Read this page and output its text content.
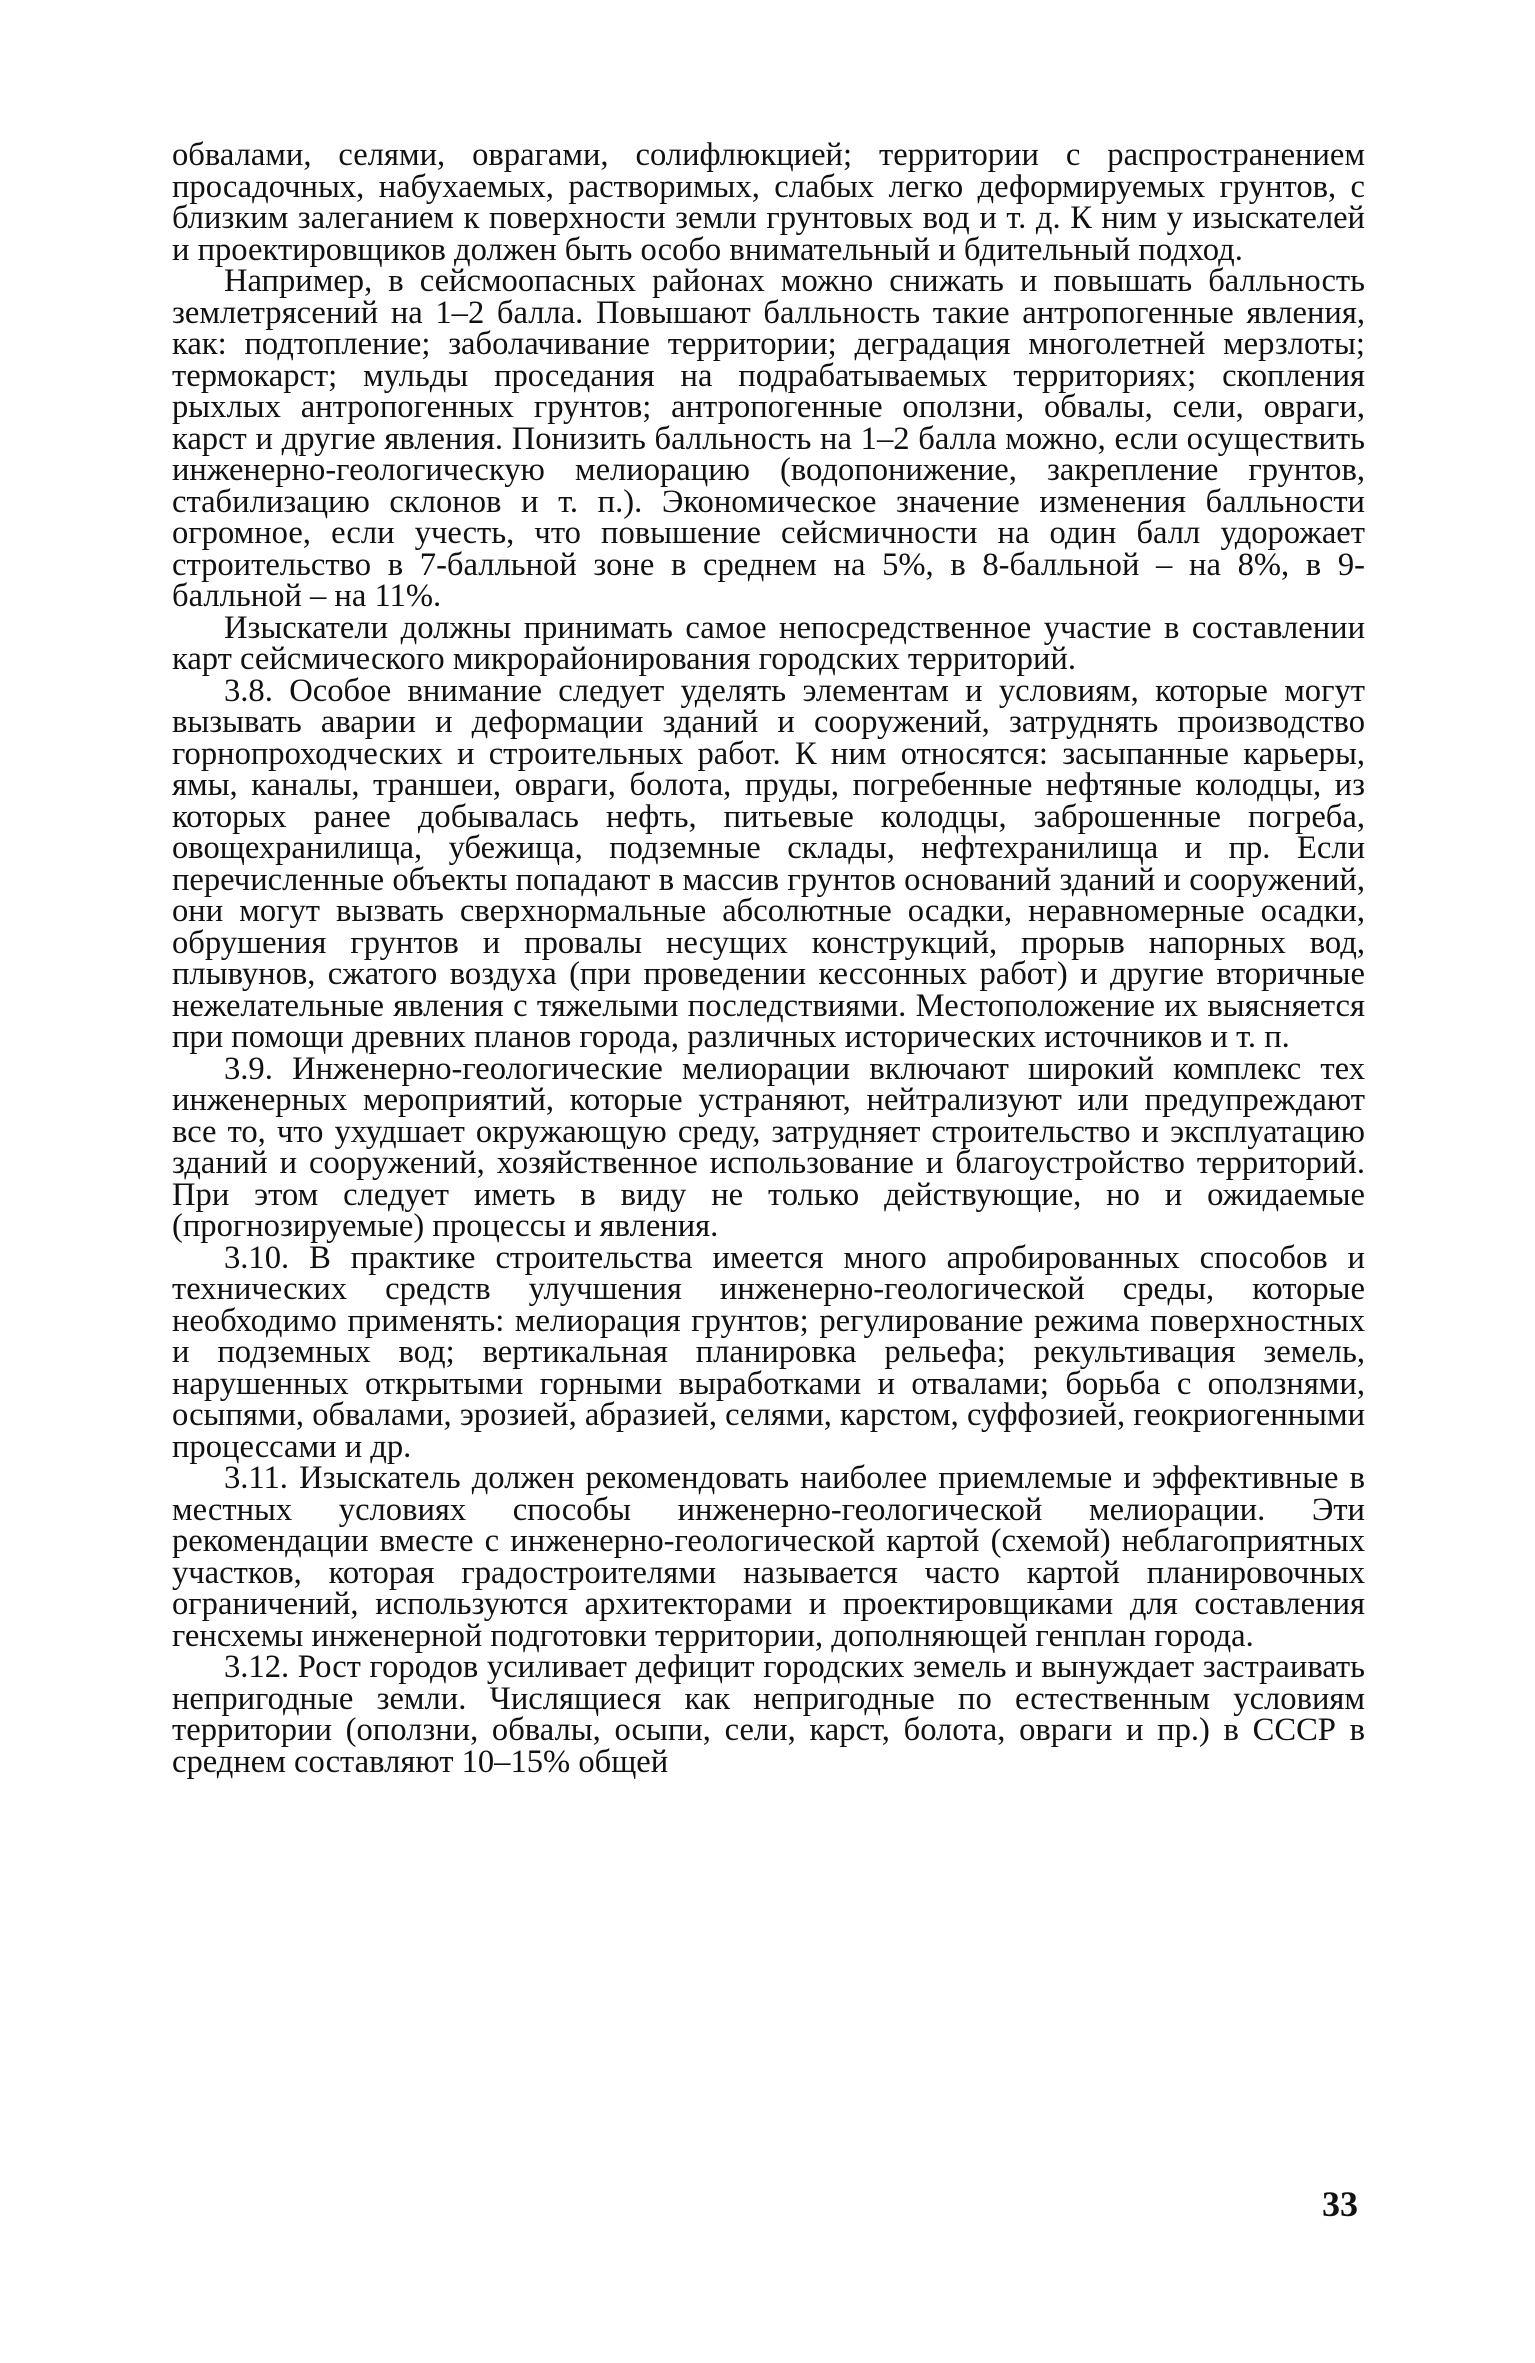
обвалами, селями, оврагами, солифлюкцией; территории с распространением просадочных, набухаемых, растворимых, слабых легко деформируемых грунтов, с близким залеганием к поверхности земли грунтовых вод и т. д. К ним у изыскателей и проектировщиков должен быть особо внимательный и бдительный подход.

Например, в сейсмоопасных районах можно снижать и повышать балльность землетрясений на 1–2 балла. Повышают балльность такие антропогенные явления, как: подтопление; заболачивание территории; деградация многолетней мерзлоты; термокарст; мульды проседания на подрабатываемых территориях; скопления рыхлых антропогенных грунтов; антропогенные оползни, обвалы, сели, овраги, карст и другие явления. Понизить балльность на 1–2 балла можно, если осуществить инженерно-геологическую мелиорацию (водопонижение, закрепление грунтов, стабилизацию склонов и т. п.). Экономическое значение изменения балльности огромное, если учесть, что повышение сейсмичности на один балл удорожает строительство в 7-балльной зоне в среднем на 5%, в 8-балльной – на 8%, в 9-балльной – на 11%.

Изыскатели должны принимать самое непосредственное участие в составлении карт сейсмического микрорайонирования городских территорий.

3.8. Особое внимание следует уделять элементам и условиям, которые могут вызывать аварии и деформации зданий и сооружений, затруднять производство горнопроходческих и строительных работ. К ним относятся: засыпанные карьеры, ямы, каналы, траншеи, овраги, болота, пруды, погребенные нефтяные колодцы, из которых ранее добывалась нефть, питьевые колодцы, заброшенные погреба, овощехранилища, убежища, подземные склады, нефтехранилища и пр. Если перечисленные объекты попадают в массив грунтов оснований зданий и сооружений, они могут вызвать сверхнормальные абсолютные осадки, неравномерные осадки, обрушения грунтов и провалы несущих конструкций, прорыв напорных вод, плывунов, сжатого воздуха (при проведении кессонных работ) и другие вторичные нежелательные явления с тяжелыми последствиями. Местоположение их выясняется при помощи древних планов города, различных исторических источников и т. п.

3.9. Инженерно-геологические мелиорации включают широкий комплекс тех инженерных мероприятий, которые устраняют, нейтрализуют или предупреждают все то, что ухудшает окружающую среду, затрудняет строительство и эксплуатацию зданий и сооружений, хозяйственное использование и благоустройство территорий. При этом следует иметь в виду не только действующие, но и ожидаемые (прогнозируемые) процессы и явления.

3.10. В практике строительства имеется много апробированных способов и технических средств улучшения инженерно-геологической среды, которые необходимо применять: мелиорация грунтов; регулирование режима поверхностных и подземных вод; вертикальная планировка рельефа; рекультивация земель, нарушенных открытыми горными выработками и отвалами; борьба с оползнями, осыпями, обвалами, эрозией, абразией, селями, карстом, суффозией, геокриогенными процессами и др.

3.11. Изыскатель должен рекомендовать наиболее приемлемые и эффективные в местных условиях способы инженерно-геологической мелиорации. Эти рекомендации вместе с инженерно-геологической картой (схемой) неблагоприятных участков, которая градостроителями называется часто картой планировочных ограничений, используются архитекторами и проектировщиками для составления генсхемы инженерной подготовки территории, дополняющей генплан города.

3.12. Рост городов усиливает дефицит городских земель и вынуждает застраивать непригодные земли. Числящиеся как непригодные по естественным условиям территории (оползни, обвалы, осыпи, сели, карст, болота, овраги и пр.) в СССР в среднем составляют 10–15% общей

33
